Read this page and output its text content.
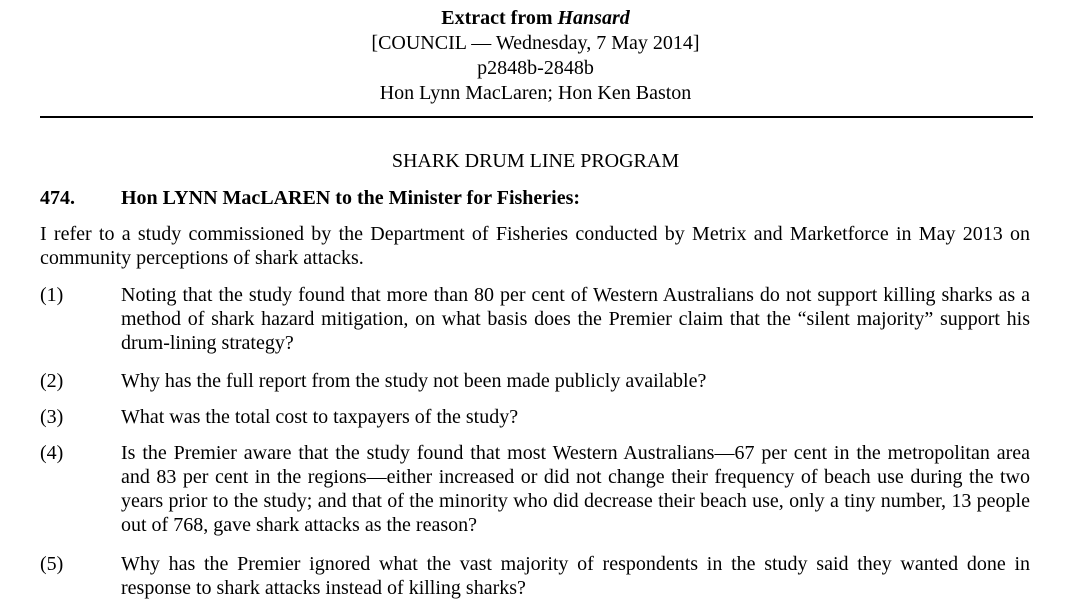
Extract from Hansard
[COUNCIL — Wednesday, 7 May 2014]
p2848b-2848b
Hon Lynn MacLaren; Hon Ken Baston
SHARK DRUM LINE PROGRAM
474. Hon LYNN MacLAREN to the Minister for Fisheries:
I refer to a study commissioned by the Department of Fisheries conducted by Metrix and Marketforce in May 2013 on community perceptions of shark attacks.
(1)	Noting that the study found that more than 80 per cent of Western Australians do not support killing sharks as a method of shark hazard mitigation, on what basis does the Premier claim that the “silent majority” support his drum-lining strategy?
(2)	Why has the full report from the study not been made publicly available?
(3)	What was the total cost to taxpayers of the study?
(4)	Is the Premier aware that the study found that most Western Australians—67 per cent in the metropolitan area and 83 per cent in the regions—either increased or did not change their frequency of beach use during the two years prior to the study; and that of the minority who did decrease their beach use, only a tiny number, 13 people out of 768, gave shark attacks as the reason?
(5)	Why has the Premier ignored what the vast majority of respondents in the study said they wanted done in response to shark attacks instead of killing sharks?
